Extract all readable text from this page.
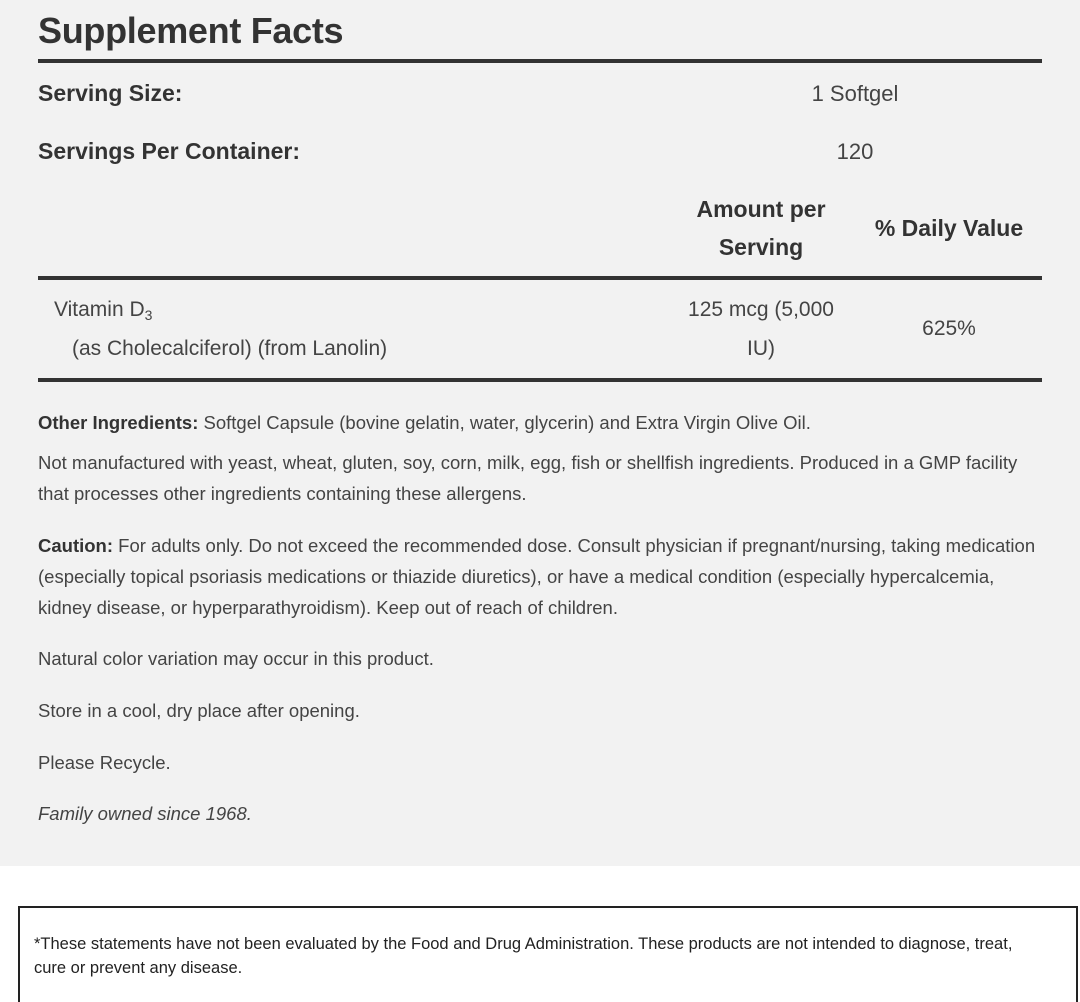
Supplement Facts
Serving Size:	1 Softgel
Servings Per Container:	120
Amount per Serving
% Daily Value
Vitamin $D_3$
(as Cholecalciferol) (from Lanolin)
125 mcg (5,000 IU)
625%
Other Ingredients: Softgel Capsule (bovine gelatin, water, glycerin) and Extra Virgin Olive Oil.
Not manufactured with yeast, wheat, gluten, soy, corn, milk, egg, fish or shellfish ingredients. Produced in a GMP facility that processes other ingredients containing these allergens.
Caution: For adults only. Do not exceed the recommended dose. Consult physician if pregnant/nursing, taking medication (especially topical psoriasis medications or thiazide diuretics), or have a medical condition (especially hypercalcemia, kidney disease, or hyperparathyroidism). Keep out of reach of children.
Natural color variation may occur in this product.
Store in a cool, dry place after opening.
Please Recycle.
Family owned since 1968.
*These statements have not been evaluated by the Food and Drug Administration. These products are not intended to diagnose, treat, cure or prevent any disease.
